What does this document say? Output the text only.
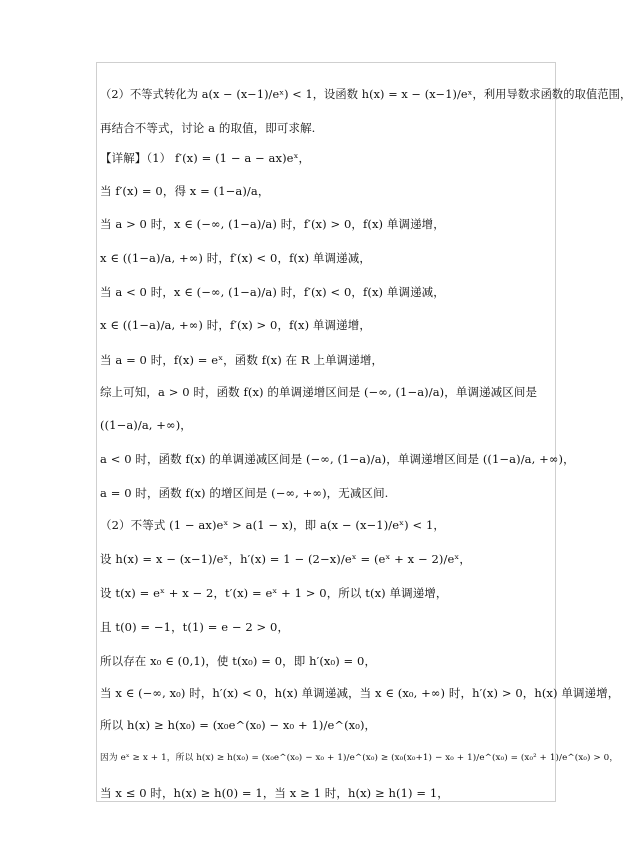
（2）不等式转化为 a(x − (x−1)/eˣ) < 1，设函数 h(x) = x − (x−1)/eˣ，利用导数求函数的取值范围，
再结合不等式，讨论 a 的取值，即可求解.
【详解】（1） f′(x) = (1 − a − ax)eˣ，
当 f′(x) = 0，得 x = (1−a)/a，
当 a > 0 时，x ∈ (−∞, (1−a)/a) 时，f′(x) > 0，f(x) 单调递增，
x ∈ ((1−a)/a, +∞) 时，f′(x) < 0，f(x) 单调递减，
当 a < 0 时，x ∈ (−∞, (1−a)/a) 时，f′(x) < 0，f(x) 单调递减，
x ∈ ((1−a)/a, +∞) 时，f′(x) > 0，f(x) 单调递增，
当 a = 0 时，f(x) = eˣ，函数 f(x) 在 R 上单调递增，
综上可知，a > 0 时，函数 f(x) 的单调递增区间是 (−∞, (1−a)/a)，单调递减区间是
((1−a)/a, +∞)，
a < 0 时，函数 f(x) 的单调递减区间是 (−∞, (1−a)/a)，单调递增区间是 ((1−a)/a, +∞)，
a = 0 时，函数 f(x) 的增区间是 (−∞, +∞)，无减区间.
（2）不等式 (1 − ax)eˣ > a(1 − x)，即 a(x − (x−1)/eˣ) < 1，
设 h(x) = x − (x−1)/eˣ，h′(x) = 1 − (2−x)/eˣ = (eˣ + x − 2)/eˣ，
设 t(x) = eˣ + x − 2，t′(x) = eˣ + 1 > 0，所以 t(x) 单调递增，
且 t(0) = −1，t(1) = e − 2 > 0，
所以存在 x₀ ∈ (0,1)，使 t(x₀) = 0，即 h′(x₀) = 0，
当 x ∈ (−∞, x₀) 时，h′(x) < 0，h(x) 单调递减，当 x ∈ (x₀, +∞) 时，h′(x) > 0，h(x) 单调递增，
所以 h(x) ≥ h(x₀) = (x₀e^(x₀) − x₀ + 1)/e^(x₀)，
因为 eˣ ≥ x + 1，所以 h(x) ≥ h(x₀) = (x₀e^(x₀) − x₀ + 1)/e^(x₀) ≥ (x₀(x₀+1) − x₀ + 1)/e^(x₀) = (x₀² + 1)/e^(x₀) > 0，
当 x ≤ 0 时，h(x) ≥ h(0) = 1，当 x ≥ 1 时，h(x) ≥ h(1) = 1，
